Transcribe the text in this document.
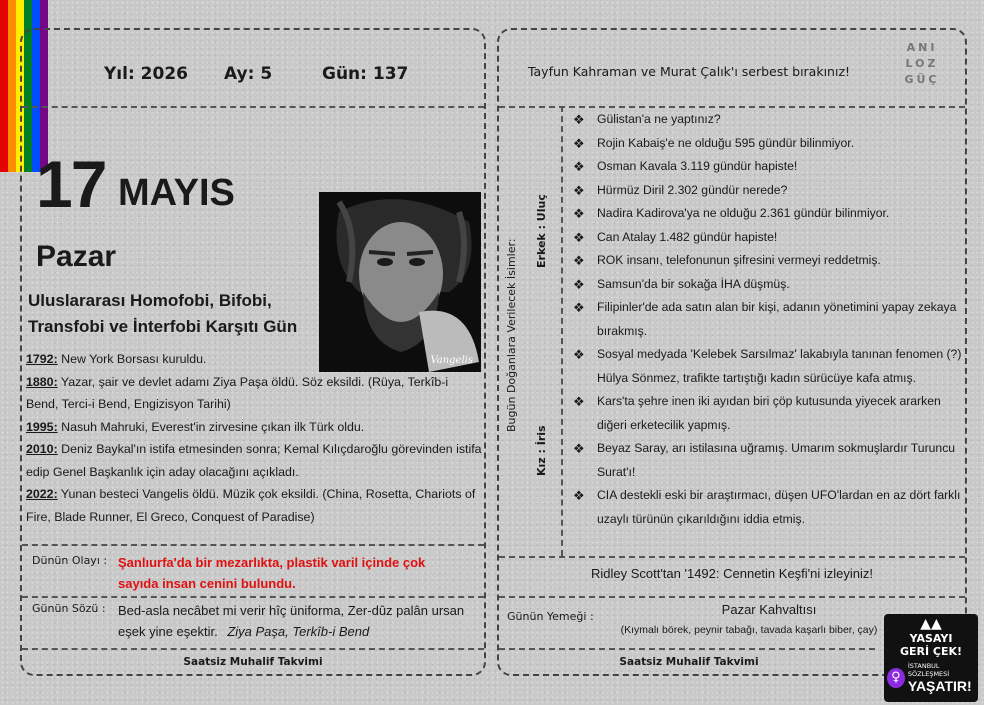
Yıl: 2026	Ay: 5	Gün: 137
17 MAYIS
Pazar
Uluslararası Homofobi, Bifobi, Transfobi ve İnterfobi Karşıtı Gün
Vangelis
1792: New York Borsası kuruldu.
1880: Yazar, şair ve devlet adamı Ziya Paşa öldü. Söz eksildi. (Rüya, Terkîb-i Bend, Terci-i Bend, Engizisyon Tarihi)
1995: Nasuh Mahruki, Everest'in zirvesine çıkan ilk Türk oldu.
2010: Deniz Baykal'ın istifa etmesinden sonra; Kemal Kılıçdaroğlu görevinden istifa edip Genel Başkanlık için aday olacağını açıkladı.
2022: Yunan besteci Vangelis öldü. Müzik çok eksildi. (China, Rosetta, Chariots of Fire, Blade Runner, El Greco, Conquest of Paradise)
Dünün Olayı : Şanlıurfa'da bir mezarlıkta, plastik varil içinde çok sayıda insan cenini bulundu.
Günün Sözü : Bed-asla necâbet mi verir hîç üniforma, Zer-dûz palân ursan eşek yine eşektir. Ziya Paşa, Terkîb-i Bend
Saatsiz Muhalif Takvimi
Tayfun Kahraman ve Murat Çalık'ı serbest bırakınız!
ANI
LOZ
GÜÇ
Bugün Doğanlara Verilecek İsimler:
Erkek : Uluç
Kız : İris
❖ Gülistan'a ne yaptınız?
❖ Rojin Kabaiş'e ne olduğu 595 gündür bilinmiyor.
❖ Osman Kavala 3.119 gündür hapiste!
❖ Hürmüz Diril 2.302 gündür nerede?
❖ Nadira Kadirova'ya ne olduğu 2.361 gündür bilinmiyor.
❖ Can Atalay 1.482 gündür hapiste!
❖ ROK insanı, telefonunun şifresini vermeyi reddetmiş.
❖ Samsun'da bir sokağa İHA düşmüş.
❖ Filipinler'de ada satın alan bir kişi, adanın yönetimini yapay zekaya bırakmış.
❖ Sosyal medyada 'Kelebek Sarsılmaz' lakabıyla tanınan fenomen (?) Hülya Sönmez, trafikte tartıştığı kadın sürücüye kafa atmış.
❖ Kars'ta şehre inen iki ayıdan biri çöp kutusunda yiyecek ararken diğeri erketecilik yapmış.
❖ Beyaz Saray, arı istilasına uğramış. Umarım sokmuşlardır Turuncu Surat'ı!
❖ CIA destekli eski bir araştırmacı, düşen UFO'lardan en az dört farklı uzaylı türünün çıkarıldığını iddia etmiş.
Ridley Scott'tan '1492: Cennetin Keşfi'ni izleyiniz!
Günün Yemeği :	Pazar Kahvaltısı
(Kıymalı börek, peynir tabağı, tavada kaşarlı biber, çay)
Saatsiz Muhalif Takvimi
▲▲
YASAYI
GERİ ÇEK!
♀
İSTANBUL SÖZLEŞMESİ
YAŞATIR!
